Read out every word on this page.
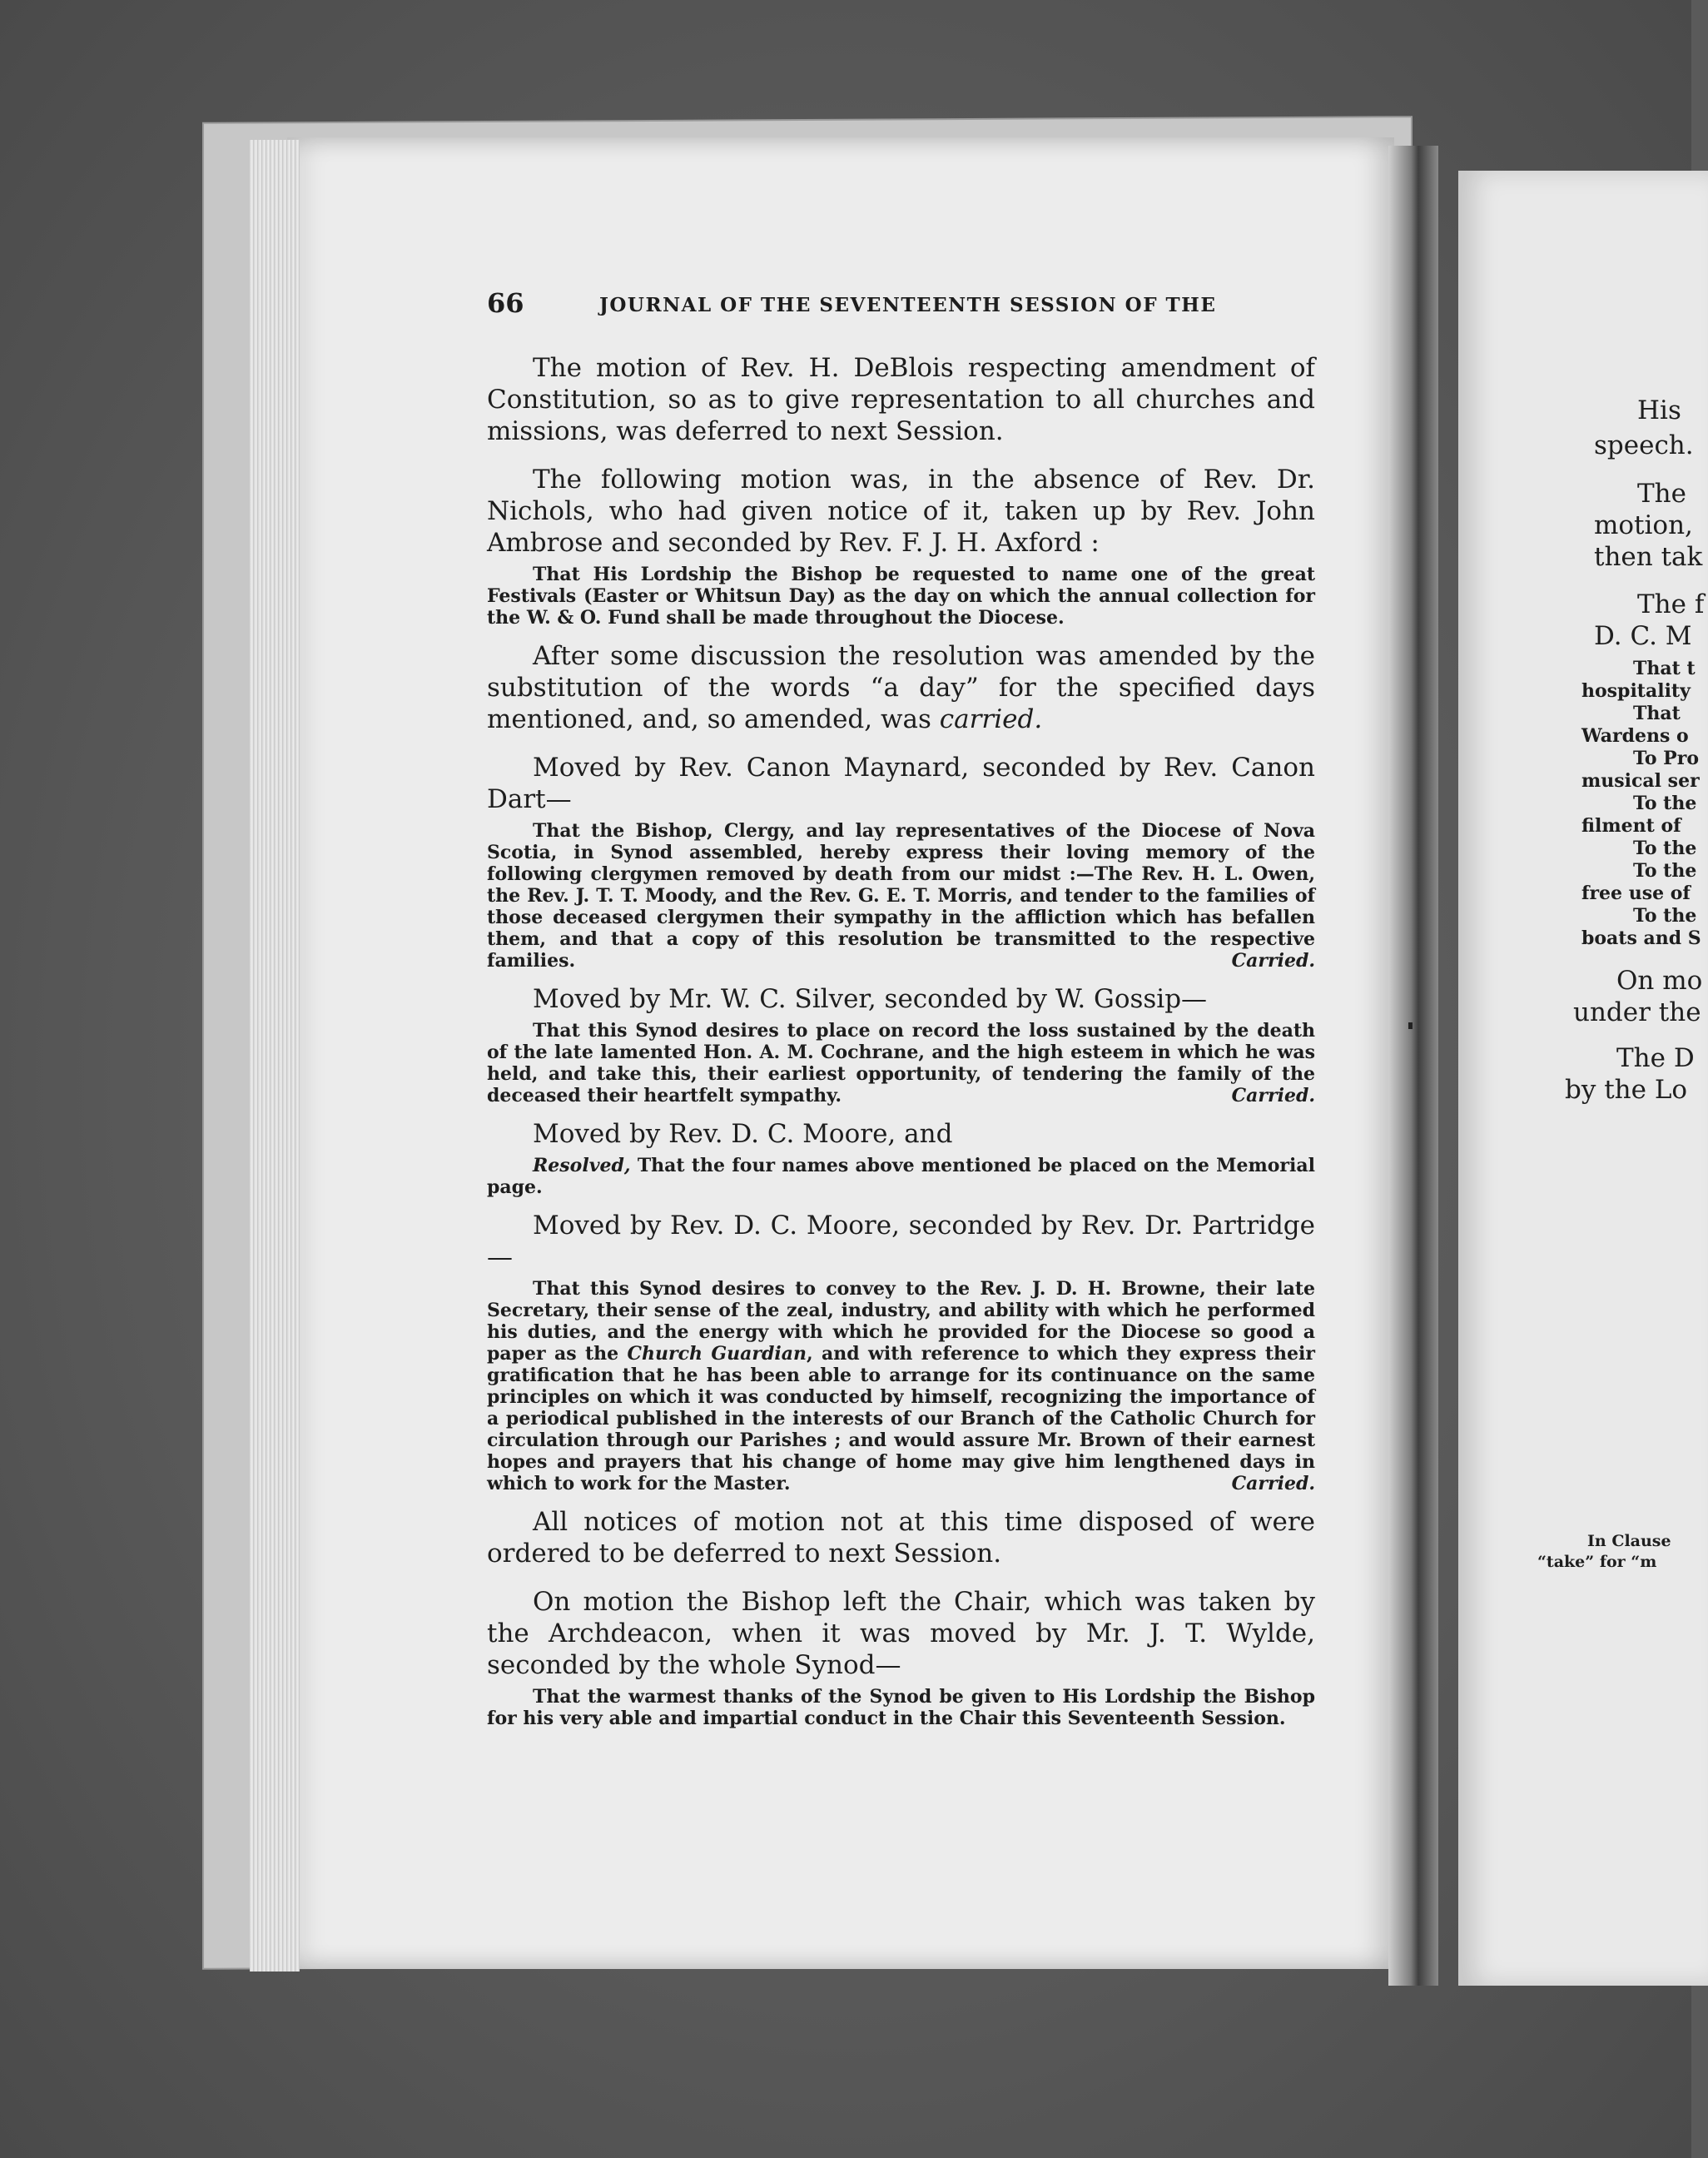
His
speech.
The
motion,
then tak
The f
D. C. M
That t
hospitality
That
Wardens o
To Pro
musical ser
To the
filment of
To the
To the
free use of
To the
boats and S
On mo
under the
The D
by the Lo
In Clause
“take” for “m
66	JOURNAL OF THE SEVENTEENTH SESSION OF THE

The motion of Rev. H. DeBlois respecting amendment of Constitution, so as to give representation to all churches and missions, was deferred to next Session.

The following motion was, in the absence of Rev. Dr. Nichols, who had given notice of it, taken up by Rev. John Ambrose and seconded by Rev. F. J. H. Axford :

That His Lordship the Bishop be requested to name one of the great Festivals (Easter or Whitsun Day) as the day on which the annual collection for the W. & O. Fund shall be made throughout the Diocese.

After some discussion the resolution was amended by the substitution of the words “a day” for the specified days mentioned, and, so amended, was carried.

Moved by Rev. Canon Maynard, seconded by Rev. Canon Dart—

That the Bishop, Clergy, and lay representatives of the Diocese of Nova Scotia, in Synod assembled, hereby express their loving memory of the following clergymen removed by death from our midst :—The Rev. H. L. Owen, the Rev. J. T. T. Moody, and the Rev. G. E. T. Morris, and tender to the families of those deceased clergymen their sympathy in the affliction which has befallen them, and that a copy of this resolution be transmitted to the respective families.	Carried.

Moved by Mr. W. C. Silver, seconded by W. Gossip—

That this Synod desires to place on record the loss sustained by the death of the late lamented Hon. A. M. Cochrane, and the high esteem in which he was held, and take this, their earliest opportunity, of tendering the family of the deceased their heartfelt sympathy.	Carried.

Moved by Rev. D. C. Moore, and

Resolved, That the four names above mentioned be placed on the Memorial page.

Moved by Rev. D. C. Moore, seconded by Rev. Dr. Partridge—

That this Synod desires to convey to the Rev. J. D. H. Browne, their late Secretary, their sense of the zeal, industry, and ability with which he performed his duties, and the energy with which he provided for the Diocese so good a paper as the Church Guardian, and with reference to which they express their gratification that he has been able to arrange for its continuance on the same principles on which it was conducted by himself, recognizing the importance of a periodical published in the interests of our Branch of the Catholic Church for circulation through our Parishes ; and would assure Mr. Brown of their earnest hopes and prayers that his change of home may give him lengthened days in which to work for the Master.	Carried.

All notices of motion not at this time disposed of were ordered to be deferred to next Session.

On motion the Bishop left the Chair, which was taken by the Archdeacon, when it was moved by Mr. J. T. Wylde, seconded by the whole Synod—

That the warmest thanks of the Synod be given to His Lordship the Bishop for his very able and impartial conduct in the Chair this Seventeenth Session.
